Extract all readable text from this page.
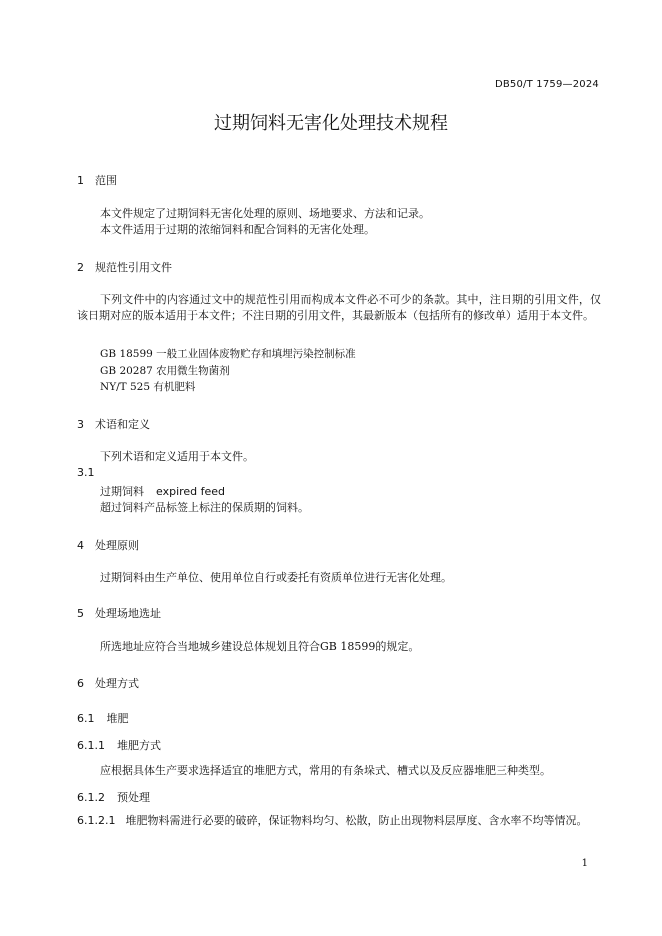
DB50/T 1759—2024
过期饲料无害化处理技术规程
1 范围
本文件规定了过期饲料无害化处理的原则、场地要求、方法和记录。
本文件适用于过期的浓缩饲料和配合饲料的无害化处理。
2 规范性引用文件
下列文件中的内容通过文中的规范性引用而构成本文件必不可少的条款。其中，注日期的引用文件，仅该日期对应的版本适用于本文件；不注日期的引用文件，其最新版本（包括所有的修改单）适用于本文件。
GB 18599 一般工业固体废物贮存和填埋污染控制标准
GB 20287 农用微生物菌剂
NY/T 525 有机肥料
3 术语和定义
下列术语和定义适用于本文件。
3.1
过期饲料 expired feed
超过饲料产品标签上标注的保质期的饲料。
4 处理原则
过期饲料由生产单位、使用单位自行或委托有资质单位进行无害化处理。
5 处理场地选址
所选地址应符合当地城乡建设总体规划且符合GB 18599的规定。
6 处理方式
6.1 堆肥
6.1.1 堆肥方式
应根据具体生产要求选择适宜的堆肥方式，常用的有条垛式、槽式以及反应器堆肥三种类型。
6.1.2 预处理
6.1.2.1 堆肥物料需进行必要的破碎，保证物料均匀、松散，防止出现物料层厚度、含水率不均等情况。
1
